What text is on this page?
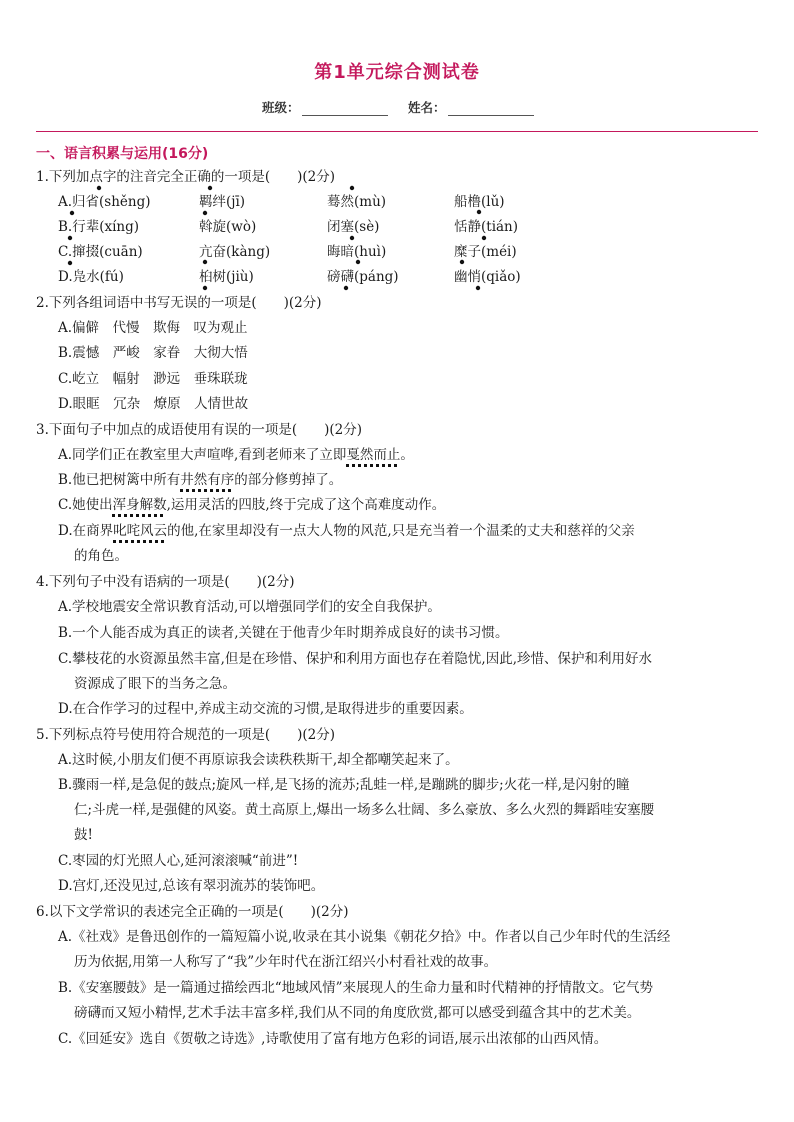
第1单元综合测试卷
班级：	姓名：
一、语言积累与运用(16分)
1.下列加点字的注音完全正确的一项是(　　)(2分)
A.归省(shěng)	羁绊(jī)	蓦然(mù)	船橹(lǔ)
B.行辈(xíng)	斡旋(wò)	闭塞(sè)	恬静(tián)
C.撺掇(cuān)	亢奋(kàng)	晦暗(huì)	糜子(méi)
D.凫水(fú)	桕树(jiù)	磅礴(páng)	幽悄(qiǎo)
2.下列各组词语中书写无误的一项是(　　)(2分)
A.偏僻　代慢　欺侮　叹为观止
B.震憾　严峻　家眷　大彻大悟
C.屹立　幅射　渺远　垂珠联珑
D.眼眶　冗杂　燎原　人情世故
3.下面句子中加点的成语使用有误的一项是(　　)(2分)
A.同学们正在教室里大声喧哗,看到老师来了立即戛然而止。
B.他已把树篱中所有井然有序的部分修剪掉了。
C.她使出浑身解数,运用灵活的四肢,终于完成了这个高难度动作。
D.在商界叱咤风云的他,在家里却没有一点大人物的风范,只是充当着一个温柔的丈夫和慈祥的父亲
的角色。
4.下列句子中没有语病的一项是(　　)(2分)
A.学校地震安全常识教育活动,可以增强同学们的安全自我保护。
B.一个人能否成为真正的读者,关键在于他青少年时期养成良好的读书习惯。
C.攀枝花的水资源虽然丰富,但是在珍惜、保护和利用方面也存在着隐忧,因此,珍惜、保护和利用好水
资源成了眼下的当务之急。
D.在合作学习的过程中,养成主动交流的习惯,是取得进步的重要因素。
5.下列标点符号使用符合规范的一项是(　　)(2分)
A.这时候,小朋友们便不再原谅我会读秩秩斯干,却全都嘲笑起来了。
B.骤雨一样,是急促的鼓点;旋风一样,是飞扬的流苏;乱蛙一样,是蹦跳的脚步;火花一样,是闪射的瞳
仁;斗虎一样,是强健的风姿。黄土高原上,爆出一场多么壮阔、多么豪放、多么火烈的舞蹈哇安塞腰
鼓!
C.枣园的灯光照人心,延河滚滚喊“前进”!
D.宫灯,还没见过,总该有翠羽流苏的装饰吧。
6.以下文学常识的表述完全正确的一项是(　　)(2分)
A.《社戏》是鲁迅创作的一篇短篇小说,收录在其小说集《朝花夕拾》中。作者以自己少年时代的生活经
历为依据,用第一人称写了“我”少年时代在浙江绍兴小村看社戏的故事。
B.《安塞腰鼓》是一篇通过描绘西北“地域风情”来展现人的生命力量和时代精神的抒情散文。它气势
磅礴而又短小精悍,艺术手法丰富多样,我们从不同的角度欣赏,都可以感受到蕴含其中的艺术美。
C.《回延安》选自《贺敬之诗选》,诗歌使用了富有地方色彩的词语,展示出浓郁的山西风情。
